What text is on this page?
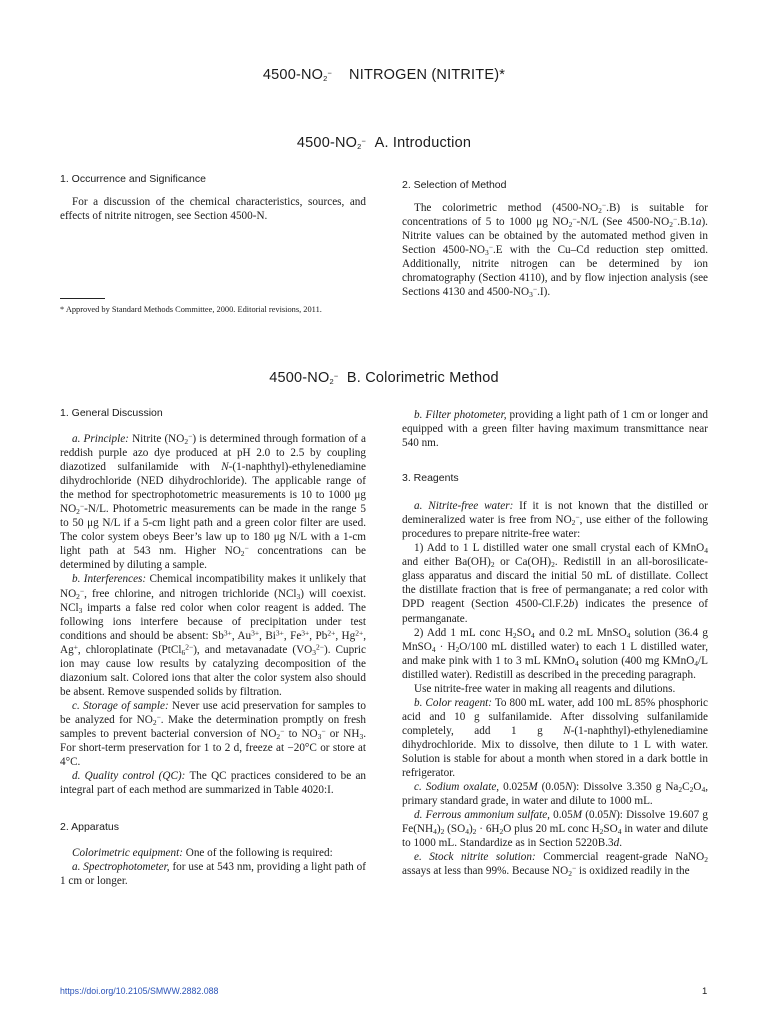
$4500-NO_2^-$ NITROGEN (NITRITE)*
$4500-NO_2^-$ A. Introduction
1. Occurrence and Significance

For a discussion of the chemical characteristics, sources, and effects of nitrite nitrogen, see Section 4500-N.

* Approved by Standard Methods Committee, 2000. Editorial revisions, 2011.
2. Selection of Method

The colorimetric method $(4500-NO_2^-.B)$ is suitable for concentrations of 5 to 1000 μg $NO_2^--N/L$ (See $4500-NO_2^-.B.1a$). Nitrite values can be obtained by the automated method given in Section $4500-NO_3^-.E$ with the Cu–Cd reduction step omitted. Additionally, nitrite nitrogen can be determined by ion chromatography (Section 4110), and by flow injection analysis (see Sections 4130 and $4500-NO_3^-.I$).

$4500-NO_2^-$ B. Colorimetric Method
1. General Discussion

a. Principle: Nitrite $(NO_2^-)$ is determined through formation of a reddish purple azo dye produced at pH 2.0 to 2.5 by coupling diazotized sulfanilamide with N-(1-naphthyl)-ethylenediamine dihydrochloride (NED dihydrochloride). The applicable range of the method for spectrophotometric measurements is 10 to 1000 μg $NO_2^--N/L$. Photometric measurements can be made in the range 5 to 50 μg N/L if a 5-cm light path and a green color filter are used. The color system obeys Beer’s law up to 180 μg N/L with a 1-cm light path at 543 nm. Higher $NO_2^-$ concentrations can be determined by diluting a sample.

b. Interferences: Chemical incompatibility makes it unlikely that $NO_2^-$, free chlorine, and nitrogen trichloride (NCl$_3$) will coexist. NCl$_3$ imparts a false red color when color reagent is added. The following ions interfere because of precipitation under test conditions and should be absent: $Sb^{3+}$, $Au^{3+}$, $Bi^{3+}$, $Fe^{3+}$, $Pb^{2+}$, $Hg^{2+}$, Ag+, chloroplatinate (PtCl$_6^{2-}$), and metavanadate $(VO_3^{2-})$. Cupric ion may cause low results by catalyzing decomposition of the diazonium salt. Colored ions that alter the color system also should be absent. Remove suspended solids by filtration.

c. Storage of sample: Never use acid preservation for samples to be analyzed for $NO_2^-$. Make the determination promptly on fresh samples to prevent bacterial conversion of $NO_2^-$ to $NO_3^-$ or $NH_3$. For short-term preservation for 1 to 2 d, freeze at −20°C or store at 4°C.

d. Quality control (QC): The QC practices considered to be an integral part of each method are summarized in Table 4020:I.

2. Apparatus

Colorimetric equipment: One of the following is required:

a. Spectrophotometer, for use at 543 nm, providing a light path of 1 cm or longer.

b. Filter photometer, providing a light path of 1 cm or longer and equipped with a green filter having maximum transmittance near 540 nm.

3. Reagents

a. Nitrite-free water: If it is not known that the distilled or demineralized water is free from $NO_2^-$, use either of the following procedures to prepare nitrite-free water:

1) Add to 1 L distilled water one small crystal each of KMnO$_4$ and either $Ba(OH)_2$ or $Ca(OH)_2$. Redistill in an all-borosilicate-glass apparatus and discard the initial 50 mL of distillate. Collect the distillate fraction that is free of permanganate; a red color with DPD reagent (Section 4500-Cl.F.2b) indicates the presence of permanganate.

2) Add 1 mL conc $H_2SO_4$ and 0.2 mL MnSO$_4$ solution (36.4 g MnSO$_4$ · $H_2O/100$ mL distilled water) to each 1 L distilled water, and make pink with 1 to 3 mL KMnO$_4$ solution (400 mg KMnO$_4$/L distilled water). Redistill as described in the preceding paragraph.

Use nitrite-free water in making all reagents and dilutions.

b. Color reagent: To 800 mL water, add 100 mL 85% phosphoric acid and 10 g sulfanilamide. After dissolving sulfanilamide completely, add 1 g N-(1-naphthyl)-ethylenediamine dihydrochloride. Mix to dissolve, then dilute to 1 L with water. Solution is stable for about a month when stored in a dark bottle in refrigerator.

c. Sodium oxalate, 0.025M (0.05N): Dissolve 3.350 g $Na_2C_2O_4$, primary standard grade, in water and dilute to 1000 mL.

d. Ferrous ammonium sulfate, 0.05M (0.05N): Dissolve 19.607 g $Fe(NH_4)_2$ $(SO_4)_2 \cdot 6H_2O$ plus 20 mL conc $H_2SO_4$ in water and dilute to 1000 mL. Standardize as in Section 5220B.3d.

e. Stock nitrite solution: Commercial reagent-grade NaNO$_2$ assays at less than 99%. Because $NO_2^-$ is oxidized readily in the

https://doi.org/10.2105/SMWW.2882.088	1
